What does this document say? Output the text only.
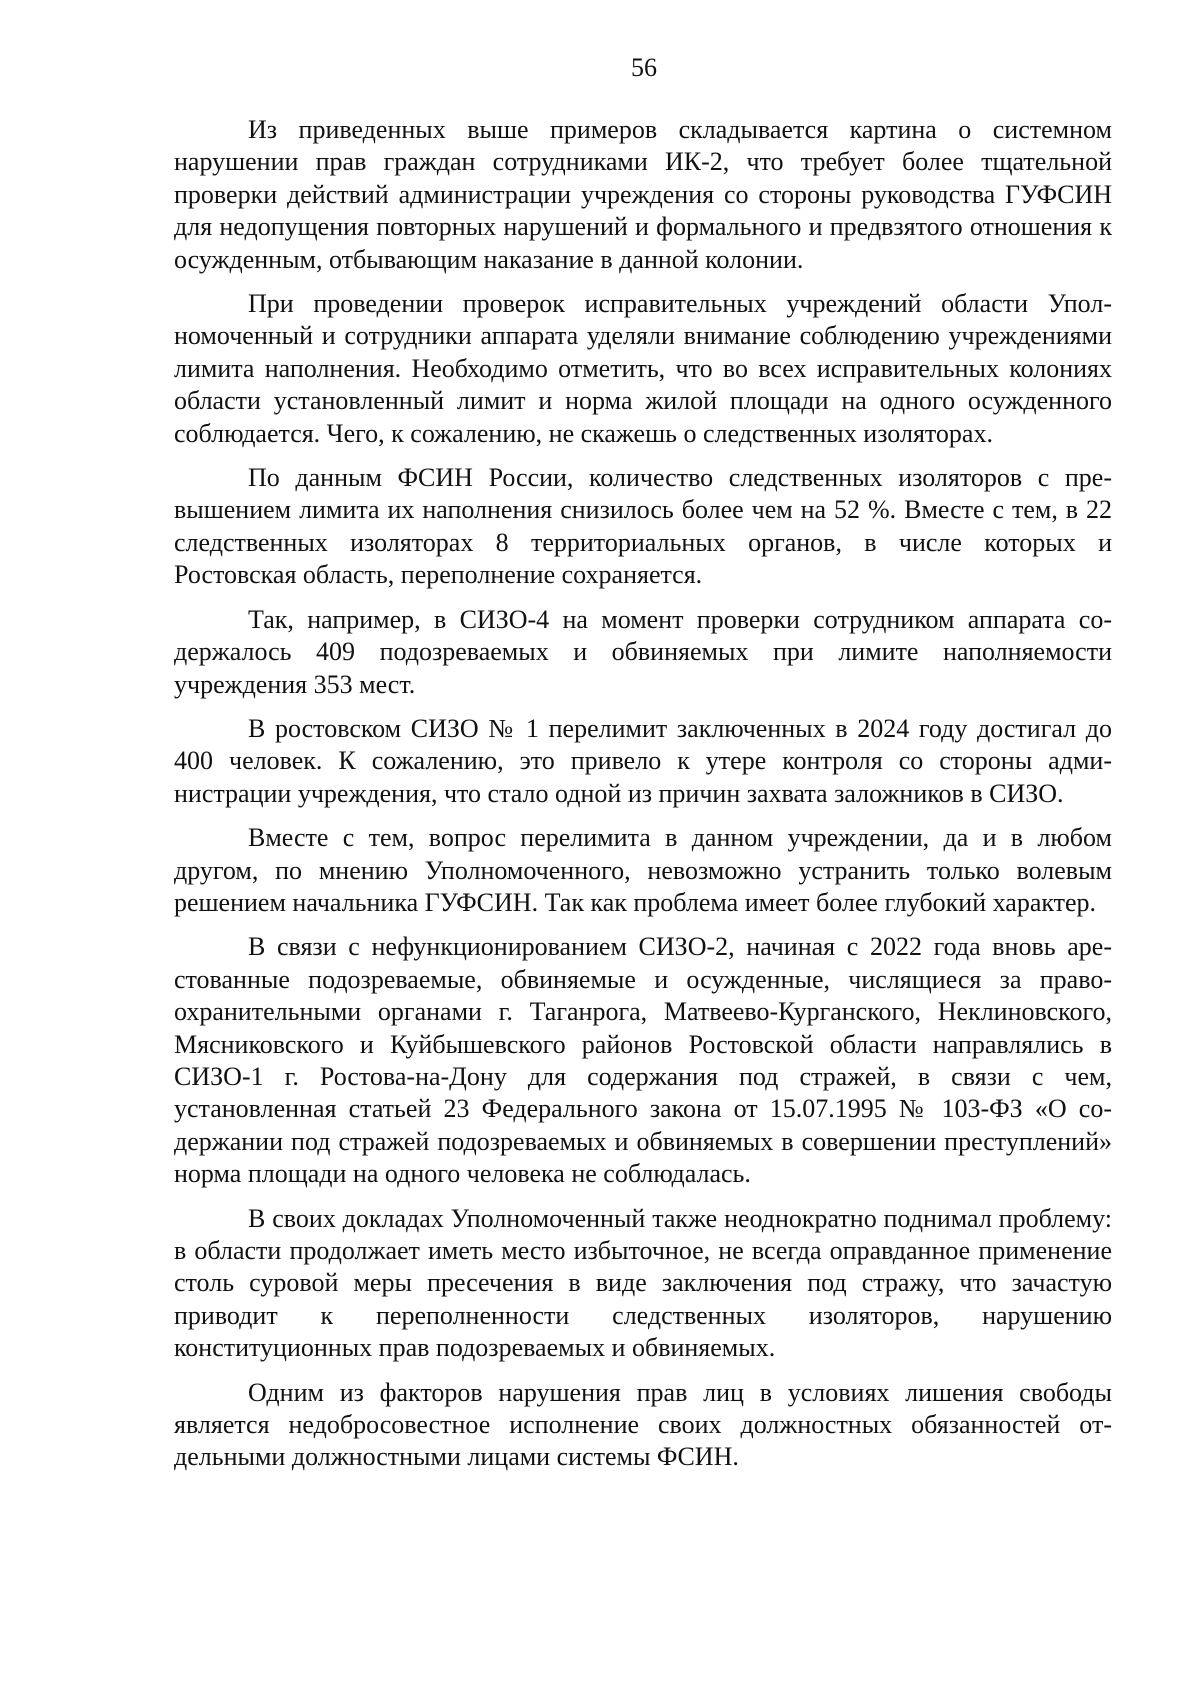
56

Из приведенных выше примеров складывается картина о системном нарушении прав граждан сотрудниками ИК-2, что требует более тщательной проверки действий администрации учреждения со стороны руководства ГУФСИН для недопущения повторных нарушений и формального и предвзятого отношения к осужденным, отбывающим наказание в данной колонии.

При проведении проверок исправительных учреждений области Уполномоченный и сотрудники аппарата уделяли внимание соблюдению учреждениями лимита наполнения. Необходимо отметить, что во всех исправительных колониях области установленный лимит и норма жилой площади на одного осужденного соблюдается. Чего, к сожалению, не скажешь о следственных изоляторах.

По данным ФСИН России, количество следственных изоляторов с превышением лимита их наполнения снизилось более чем на 52 %. Вместе с тем, в 22 следственных изоляторах 8 территориальных органов, в числе которых и Ростовская область, переполнение сохраняется.

Так, например, в СИЗО-4 на момент проверки сотрудником аппарата содержалось 409 подозреваемых и обвиняемых при лимите наполняемости учреждения 353 мест.

В ростовском СИЗО № 1 перелимит заключенных в 2024 году достигал до 400 человек. К сожалению, это привело к утере контроля со стороны администрации учреждения, что стало одной из причин захвата заложников в СИЗО.

Вместе с тем, вопрос перелимита в данном учреждении, да и в любом другом, по мнению Уполномоченного, невозможно устранить только волевым решением начальника ГУФСИН. Так как проблема имеет более глубокий характер.

В связи с нефункционированием СИЗО-2, начиная с 2022 года вновь арестованные подозреваемые, обвиняемые и осужденные, числящиеся за правоохранительными органами г. Таганрога, Матвеево-Курганского, Неклиновского, Мясниковского и Куйбышевского районов Ростовской области направлялись в СИЗО-1 г. Ростова-на-Дону для содержания под стражей, в связи с чем, установленная статьей 23 Федерального закона от 15.07.1995 № 103-ФЗ «О содержании под стражей подозреваемых и обвиняемых в совершении преступлений» норма площади на одного человека не соблюдалась.

В своих докладах Уполномоченный также неоднократно поднимал проблему: в области продолжает иметь место избыточное, не всегда оправданное применение столь суровой меры пресечения в виде заключения под стражу, что зачастую приводит к переполненности следственных изоляторов, нарушению конституционных прав подозреваемых и обвиняемых.

Одним из факторов нарушения прав лиц в условиях лишения свободы является недобросовестное исполнение своих должностных обязанностей отдельными должностными лицами системы ФСИН.
